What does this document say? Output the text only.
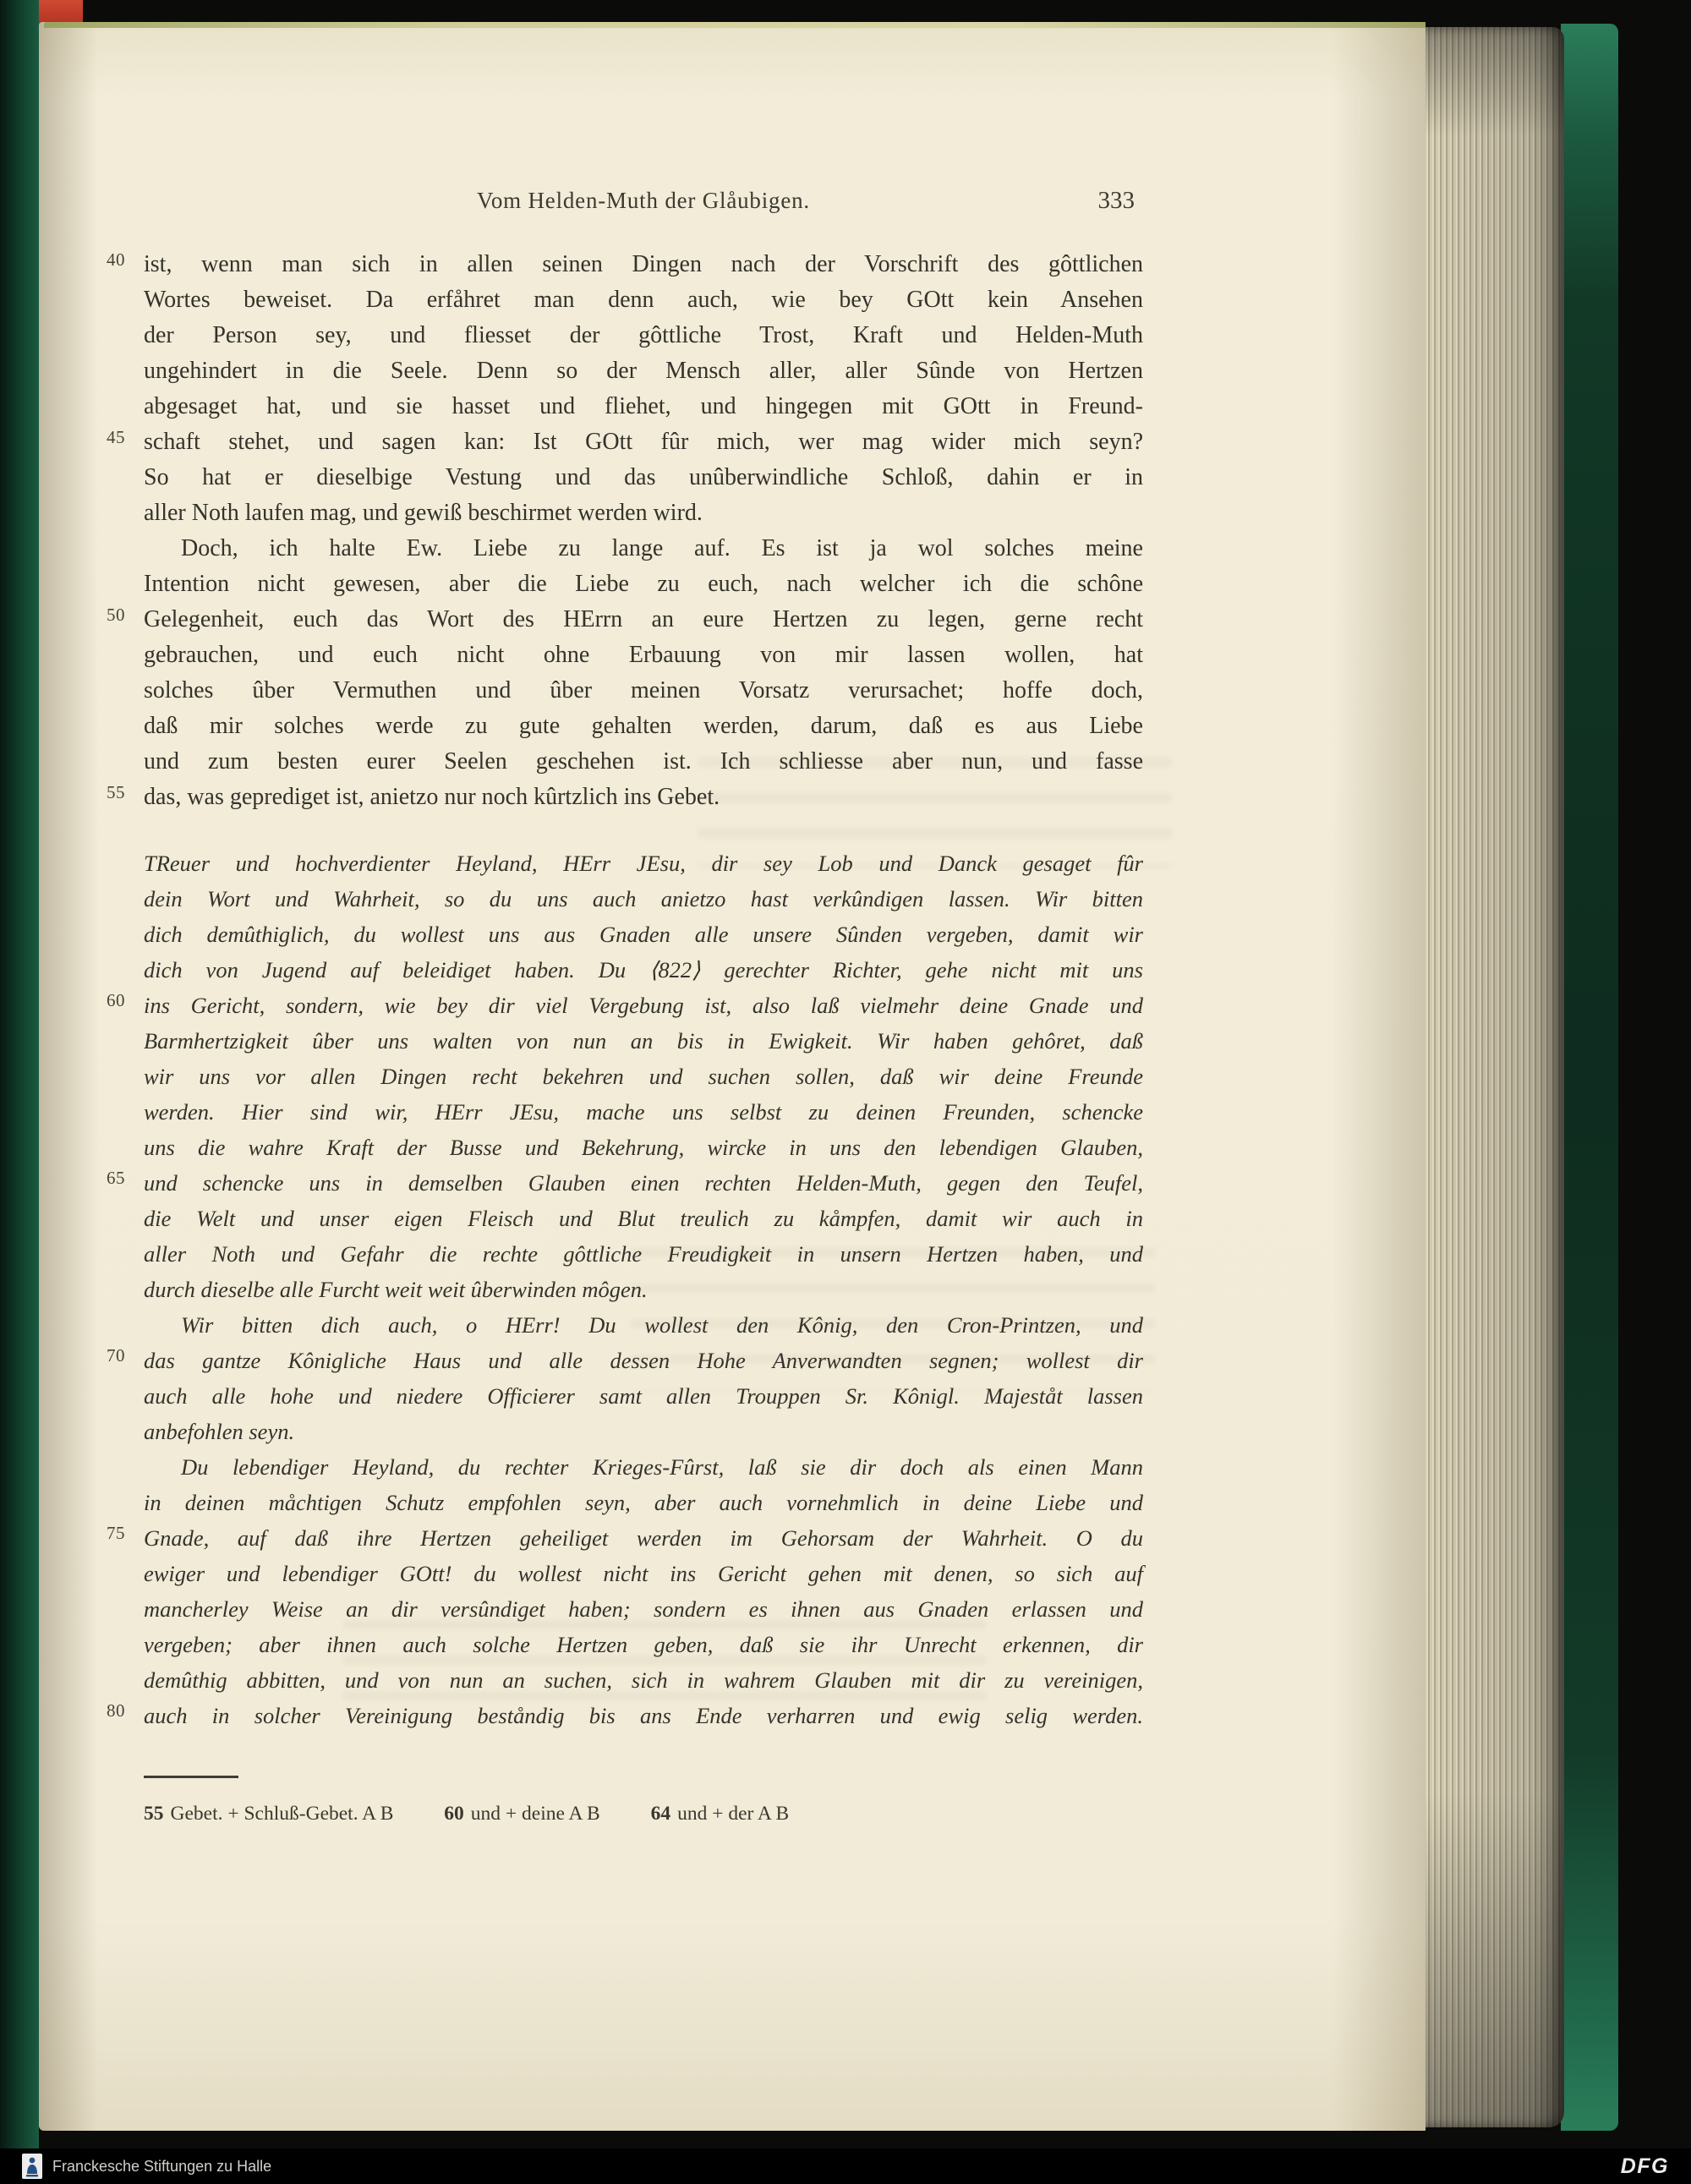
Vom Helden-Muth der Glåubigen.	333
40 ist, wenn man sich in allen seinen Dingen nach der Vorschrift des gôttlichen
Wortes beweiset. Da erfåhret man denn auch, wie bey GOtt kein Ansehen
der Person sey, und fliesset der gôttliche Trost, Kraft und Helden-Muth
ungehindert in die Seele. Denn so der Mensch aller, aller Sûnde von Hertzen
abgesaget hat, und sie hasset und fliehet, und hingegen mit GOtt in Freund-
45 schaft stehet, und sagen kan: Ist GOtt fûr mich, wer mag wider mich seyn?
So hat er dieselbige Vestung und das unûberwindliche Schloß, dahin er in
aller Noth laufen mag, und gewiß beschirmet werden wird.
Doch, ich halte Ew. Liebe zu lange auf. Es ist ja wol solches meine
Intention nicht gewesen, aber die Liebe zu euch, nach welcher ich die schône
50 Gelegenheit, euch das Wort des HErrn an eure Hertzen zu legen, gerne recht
gebrauchen, und euch nicht ohne Erbauung von mir lassen wollen, hat
solches ûber Vermuthen und ûber meinen Vorsatz verursachet; hoffe doch,
daß mir solches werde zu gute gehalten werden, darum, daß es aus Liebe
und zum besten eurer Seelen geschehen ist. Ich schliesse aber nun, und fasse
55 das, was geprediget ist, anietzo nur noch kûrtzlich ins Gebet.
TReuer und hochverdienter Heyland, HErr JEsu, dir sey Lob und Danck gesaget fûr
dein Wort und Wahrheit, so du uns auch anietzo hast verkûndigen lassen. Wir bitten
dich demûthiglich, du wollest uns aus Gnaden alle unsere Sûnden vergeben, damit wir
dich von Jugend auf beleidiget haben. Du ⟨822⟩ gerechter Richter, gehe nicht mit uns
60 ins Gericht, sondern, wie bey dir viel Vergebung ist, also laß vielmehr deine Gnade und
Barmhertzigkeit ûber uns walten von nun an bis in Ewigkeit. Wir haben gehôret, daß
wir uns vor allen Dingen recht bekehren und suchen sollen, daß wir deine Freunde
werden. Hier sind wir, HErr JEsu, mache uns selbst zu deinen Freunden, schencke
uns die wahre Kraft der Busse und Bekehrung, wircke in uns den lebendigen Glauben,
65 und schencke uns in demselben Glauben einen rechten Helden-Muth, gegen den Teufel,
die Welt und unser eigen Fleisch und Blut treulich zu kåmpfen, damit wir auch in
aller Noth und Gefahr die rechte gôttliche Freudigkeit in unsern Hertzen haben, und
durch dieselbe alle Furcht weit weit ûberwinden môgen.
Wir bitten dich auch, o HErr! Du wollest den Kônig, den Cron-Printzen, und
70 das gantze Kônigliche Haus und alle dessen Hohe Anverwandten segnen; wollest dir
auch alle hohe und niedere Officierer samt allen Trouppen Sr. Kônigl. Majeståt lassen
anbefohlen seyn.
Du lebendiger Heyland, du rechter Krieges-Fûrst, laß sie dir doch als einen Mann
in deinen måchtigen Schutz empfohlen seyn, aber auch vornehmlich in deine Liebe und
75 Gnade, auf daß ihre Hertzen geheiliget werden im Gehorsam der Wahrheit. O du
ewiger und lebendiger GOtt! du wollest nicht ins Gericht gehen mit denen, so sich auf
mancherley Weise an dir versûndiget haben; sondern es ihnen aus Gnaden erlassen und
vergeben; aber ihnen auch solche Hertzen geben, daß sie ihr Unrecht erkennen, dir
demûthig abbitten, und von nun an suchen, sich in wahrem Glauben mit dir zu vereinigen,
80 auch in solcher Vereinigung beståndig bis ans Ende verharren und ewig selig werden.
55 Gebet. + Schluß-Gebet. A B	60 und + deine A B	64 und + der A B
Franckesche Stiftungen zu Halle	DFG
